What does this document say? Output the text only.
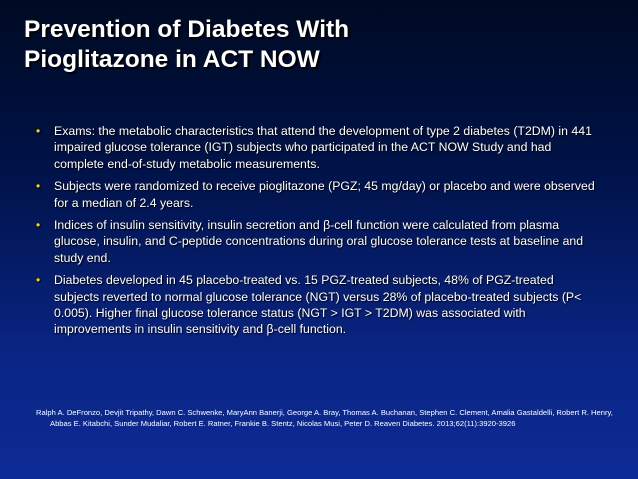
Prevention of Diabetes With
Pioglitazone in ACT NOW
• Exams: the metabolic characteristics that attend the development of type 2 diabetes (T2DM) in 441 impaired glucose tolerance (IGT) subjects who participated in the ACT NOW Study and had complete end-of-study metabolic measurements.
• Subjects were randomized to receive pioglitazone (PGZ; 45 mg/day) or placebo and were observed for a median of 2.4 years.
• Indices of insulin sensitivity, insulin secretion and β-cell function were calculated from plasma glucose, insulin, and C-peptide concentrations during oral glucose tolerance tests at baseline and study end.
• Diabetes developed in 45 placebo-treated vs. 15 PGZ-treated subjects, 48% of PGZ-treated subjects reverted to normal glucose tolerance (NGT) versus 28% of placebo-treated subjects (P< 0.005). Higher final glucose tolerance status (NGT > IGT > T2DM) was associated with improvements in insulin sensitivity and β-cell function.

Ralph A. DeFronzo, Devjit Tripathy, Dawn C. Schwenke, MaryAnn Banerji, George A. Bray, Thomas A. Buchanan, Stephen C. Clement, Amalia Gastaldelli, Robert R. Henry, Abbas E. Kitabchi, Sunder Mudaliar, Robert E. Ratner, Frankie B. Stentz, Nicolas Musi, Peter D. Reaven Diabetes. 2013;62(11):3920-3926
